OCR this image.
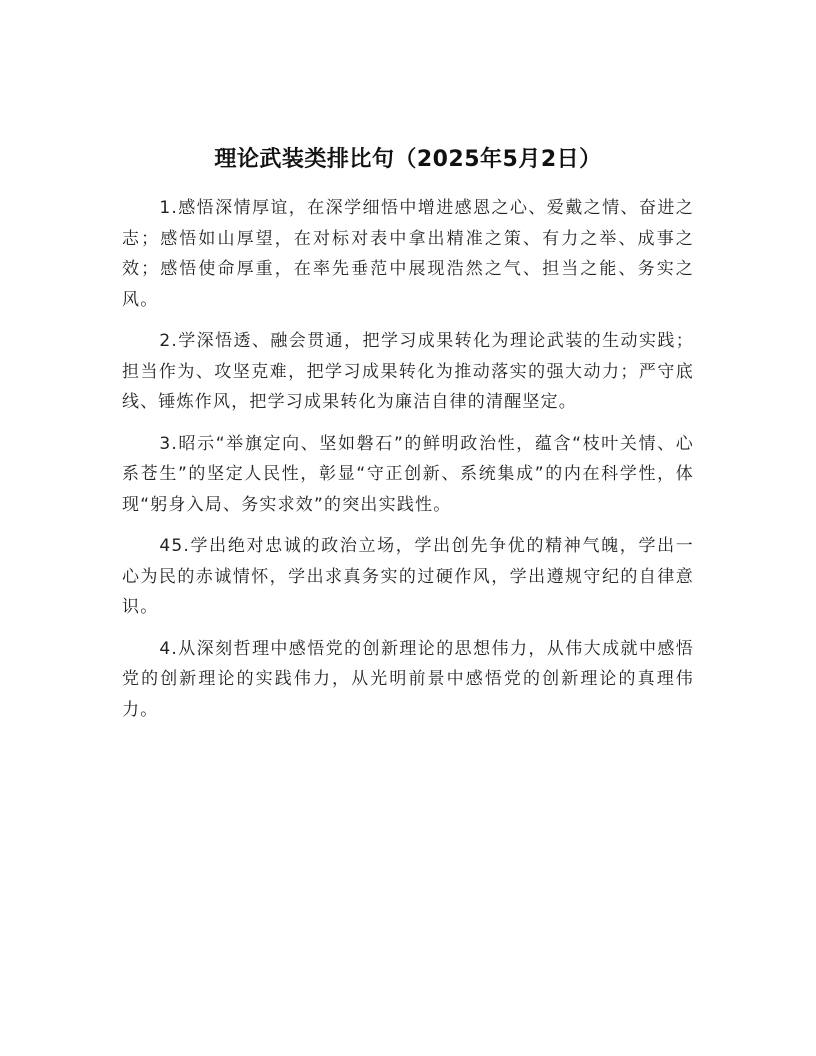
理论武装类排比句（2025年5月2日）

1.感悟深情厚谊，在深学细悟中增进感恩之心、爱戴之情、奋进之志；感悟如山厚望，在对标对表中拿出精准之策、有力之举、成事之效；感悟使命厚重，在率先垂范中展现浩然之气、担当之能、务实之风。

2.学深悟透、融会贯通，把学习成果转化为理论武装的生动实践；担当作为、攻坚克难，把学习成果转化为推动落实的强大动力；严守底线、锤炼作风，把学习成果转化为廉洁自律的清醒坚定。

3.昭示“举旗定向、坚如磐石”的鲜明政治性，蕴含“枝叶关情、心系苍生”的坚定人民性，彰显“守正创新、系统集成”的内在科学性，体现“躬身入局、务实求效”的突出实践性。

45.学出绝对忠诚的政治立场，学出创先争优的精神气魄，学出一心为民的赤诚情怀，学出求真务实的过硬作风，学出遵规守纪的自律意识。

4.从深刻哲理中感悟党的创新理论的思想伟力，从伟大成就中感悟党的创新理论的实践伟力，从光明前景中感悟党的创新理论的真理伟力。
